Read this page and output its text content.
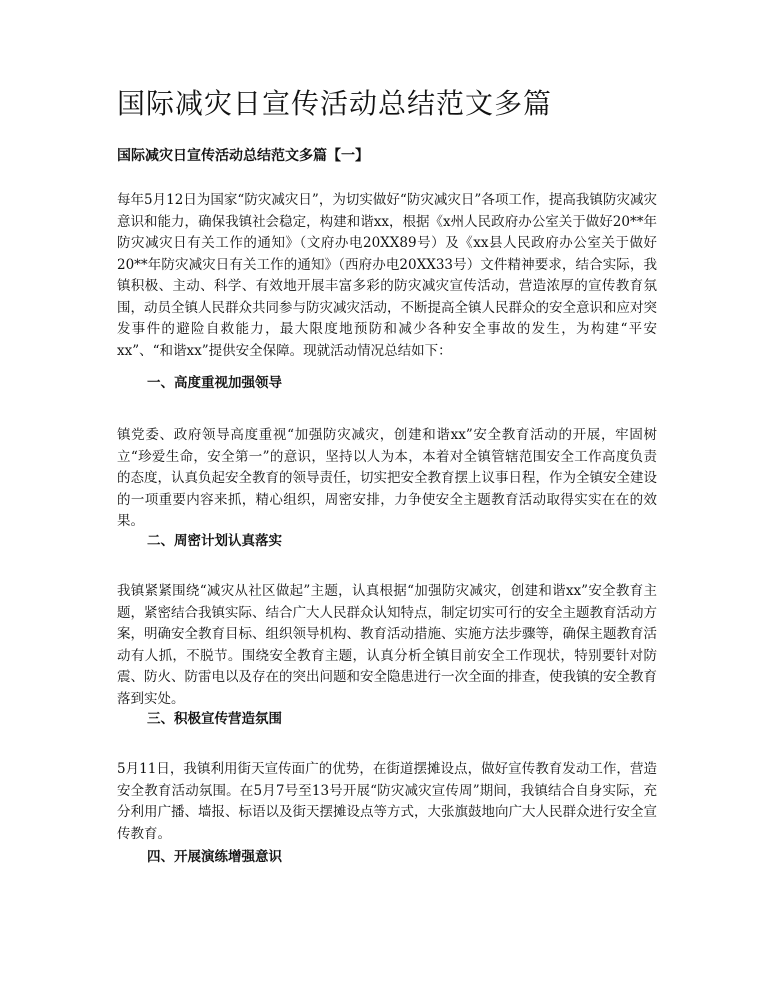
国际减灾日宣传活动总结范文多篇

国际减灾日宣传活动总结范文多篇【一】

每年5月12日为国家“防灾减灾日”，为切实做好“防灾减灾日”各项工作，提高我镇防灾减灾意识和能力，确保我镇社会稳定，构建和谐xx，根据《x州人民政府办公室关于做好20**年防灾减灾日有关工作的通知》（文府办电20XX89号）及《xx县人民政府办公室关于做好20**年防灾减灾日有关工作的通知》（西府办电20XX33号）文件精神要求，结合实际，我镇积极、主动、科学、有效地开展丰富多彩的防灾减灾宣传活动，营造浓厚的宣传教育氛围，动员全镇人民群众共同参与防灾减灾活动，不断提高全镇人民群众的安全意识和应对突发事件的避险自救能力，最大限度地预防和减少各种安全事故的发生，为构建“平安xx”、“和谐xx”提供安全保障。现就活动情况总结如下：

一、高度重视加强领导

镇党委、政府领导高度重视“加强防灾减灾，创建和谐xx”安全教育活动的开展，牢固树立“珍爱生命，安全第一”的意识，坚持以人为本，本着对全镇管辖范围安全工作高度负责的态度，认真负起安全教育的领导责任，切实把安全教育摆上议事日程，作为全镇安全建设的一项重要内容来抓，精心组织，周密安排，力争使安全主题教育活动取得实实在在的效果。

二、周密计划认真落实

我镇紧紧围绕“减灾从社区做起”主题，认真根据“加强防灾减灾，创建和谐xx”安全教育主题，紧密结合我镇实际、结合广大人民群众认知特点，制定切实可行的安全主题教育活动方案，明确安全教育目标、组织领导机构、教育活动措施、实施方法步骤等，确保主题教育活动有人抓，不脱节。围绕安全教育主题，认真分析全镇目前安全工作现状，特别要针对防震、防火、防雷电以及存在的突出问题和安全隐患进行一次全面的排查，使我镇的安全教育落到实处。

三、积极宣传营造氛围

5月11日，我镇利用街天宣传面广的优势，在街道摆摊设点，做好宣传教育发动工作，营造安全教育活动氛围。在5月7号至13号开展“防灾减灾宣传周”期间，我镇结合自身实际，充分利用广播、墙报、标语以及街天摆摊设点等方式，大张旗鼓地向广大人民群众进行安全宣传教育。

四、开展演练增强意识
